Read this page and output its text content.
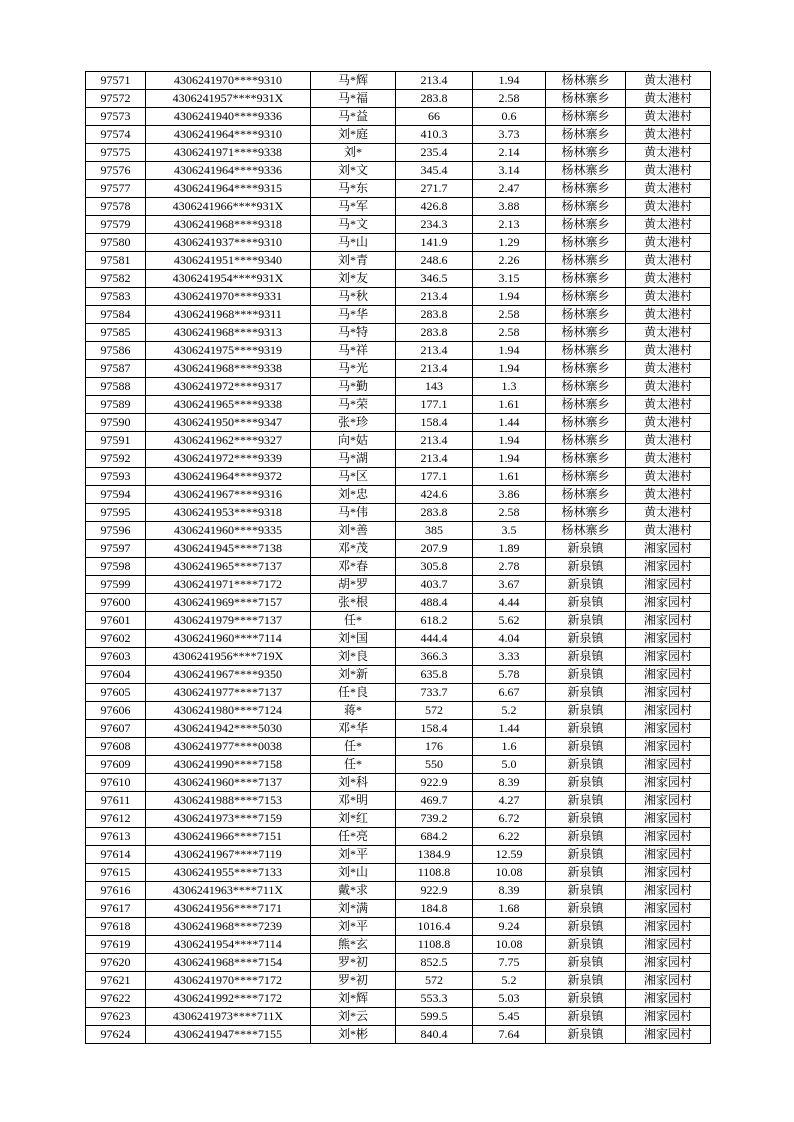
97571	4306241970****9310	马*辉	213.4	1.94	杨林寨乡	黄太港村
97572	4306241957****931X	马*福	283.8	2.58	杨林寨乡	黄太港村
97573	4306241940****9336	马*益	66	0.6	杨林寨乡	黄太港村
97574	4306241964****9310	刘*庭	410.3	3.73	杨林寨乡	黄太港村
97575	4306241971****9338	刘*	235.4	2.14	杨林寨乡	黄太港村
97576	4306241964****9336	刘*文	345.4	3.14	杨林寨乡	黄太港村
97577	4306241964****9315	马*东	271.7	2.47	杨林寨乡	黄太港村
97578	4306241966****931X	马*军	426.8	3.88	杨林寨乡	黄太港村
97579	4306241968****9318	马*文	234.3	2.13	杨林寨乡	黄太港村
97580	4306241937****9310	马*山	141.9	1.29	杨林寨乡	黄太港村
97581	4306241951****9340	刘*青	248.6	2.26	杨林寨乡	黄太港村
97582	4306241954****931X	刘*友	346.5	3.15	杨林寨乡	黄太港村
97583	4306241970****9331	马*秋	213.4	1.94	杨林寨乡	黄太港村
97584	4306241968****9311	马*华	283.8	2.58	杨林寨乡	黄太港村
97585	4306241968****9313	马*特	283.8	2.58	杨林寨乡	黄太港村
97586	4306241975****9319	马*祥	213.4	1.94	杨林寨乡	黄太港村
97587	4306241968****9338	马*光	213.4	1.94	杨林寨乡	黄太港村
97588	4306241972****9317	马*勤	143	1.3	杨林寨乡	黄太港村
97589	4306241965****9338	马*荣	177.1	1.61	杨林寨乡	黄太港村
97590	4306241950****9347	张*珍	158.4	1.44	杨林寨乡	黄太港村
97591	4306241962****9327	向*姑	213.4	1.94	杨林寨乡	黄太港村
97592	4306241972****9339	马*湖	213.4	1.94	杨林寨乡	黄太港村
97593	4306241964****9372	马*区	177.1	1.61	杨林寨乡	黄太港村
97594	4306241967****9316	刘*忠	424.6	3.86	杨林寨乡	黄太港村
97595	4306241953****9318	马*伟	283.8	2.58	杨林寨乡	黄太港村
97596	4306241960****9335	刘*善	385	3.5	杨林寨乡	黄太港村
97597	4306241945****7138	邓*茂	207.9	1.89	新泉镇	湘家园村
97598	4306241965****7137	邓*春	305.8	2.78	新泉镇	湘家园村
97599	4306241971****7172	胡*罗	403.7	3.67	新泉镇	湘家园村
97600	4306241969****7157	张*根	488.4	4.44	新泉镇	湘家园村
97601	4306241979****7137	任*	618.2	5.62	新泉镇	湘家园村
97602	4306241960****7114	刘*国	444.4	4.04	新泉镇	湘家园村
97603	4306241956****719X	刘*良	366.3	3.33	新泉镇	湘家园村
97604	4306241967****9350	刘*新	635.8	5.78	新泉镇	湘家园村
97605	4306241977****7137	任*良	733.7	6.67	新泉镇	湘家园村
97606	4306241980****7124	蒋*	572	5.2	新泉镇	湘家园村
97607	4306241942****5030	邓*华	158.4	1.44	新泉镇	湘家园村
97608	4306241977****0038	任*	176	1.6	新泉镇	湘家园村
97609	4306241990****7158	任*	550	5.0	新泉镇	湘家园村
97610	4306241960****7137	刘*科	922.9	8.39	新泉镇	湘家园村
97611	4306241988****7153	邓*明	469.7	4.27	新泉镇	湘家园村
97612	4306241973****7159	刘*红	739.2	6.72	新泉镇	湘家园村
97613	4306241966****7151	任*亮	684.2	6.22	新泉镇	湘家园村
97614	4306241967****7119	刘*平	1384.9	12.59	新泉镇	湘家园村
97615	4306241955****7133	刘*山	1108.8	10.08	新泉镇	湘家园村
97616	4306241963****711X	戴*求	922.9	8.39	新泉镇	湘家园村
97617	4306241956****7171	刘*满	184.8	1.68	新泉镇	湘家园村
97618	4306241968****7239	刘*平	1016.4	9.24	新泉镇	湘家园村
97619	4306241954****7114	熊*玄	1108.8	10.08	新泉镇	湘家园村
97620	4306241968****7154	罗*初	852.5	7.75	新泉镇	湘家园村
97621	4306241970****7172	罗*初	572	5.2	新泉镇	湘家园村
97622	4306241992****7172	刘*辉	553.3	5.03	新泉镇	湘家园村
97623	4306241973****711X	刘*云	599.5	5.45	新泉镇	湘家园村
97624	4306241947****7155	刘*彬	840.4	7.64	新泉镇	湘家园村
